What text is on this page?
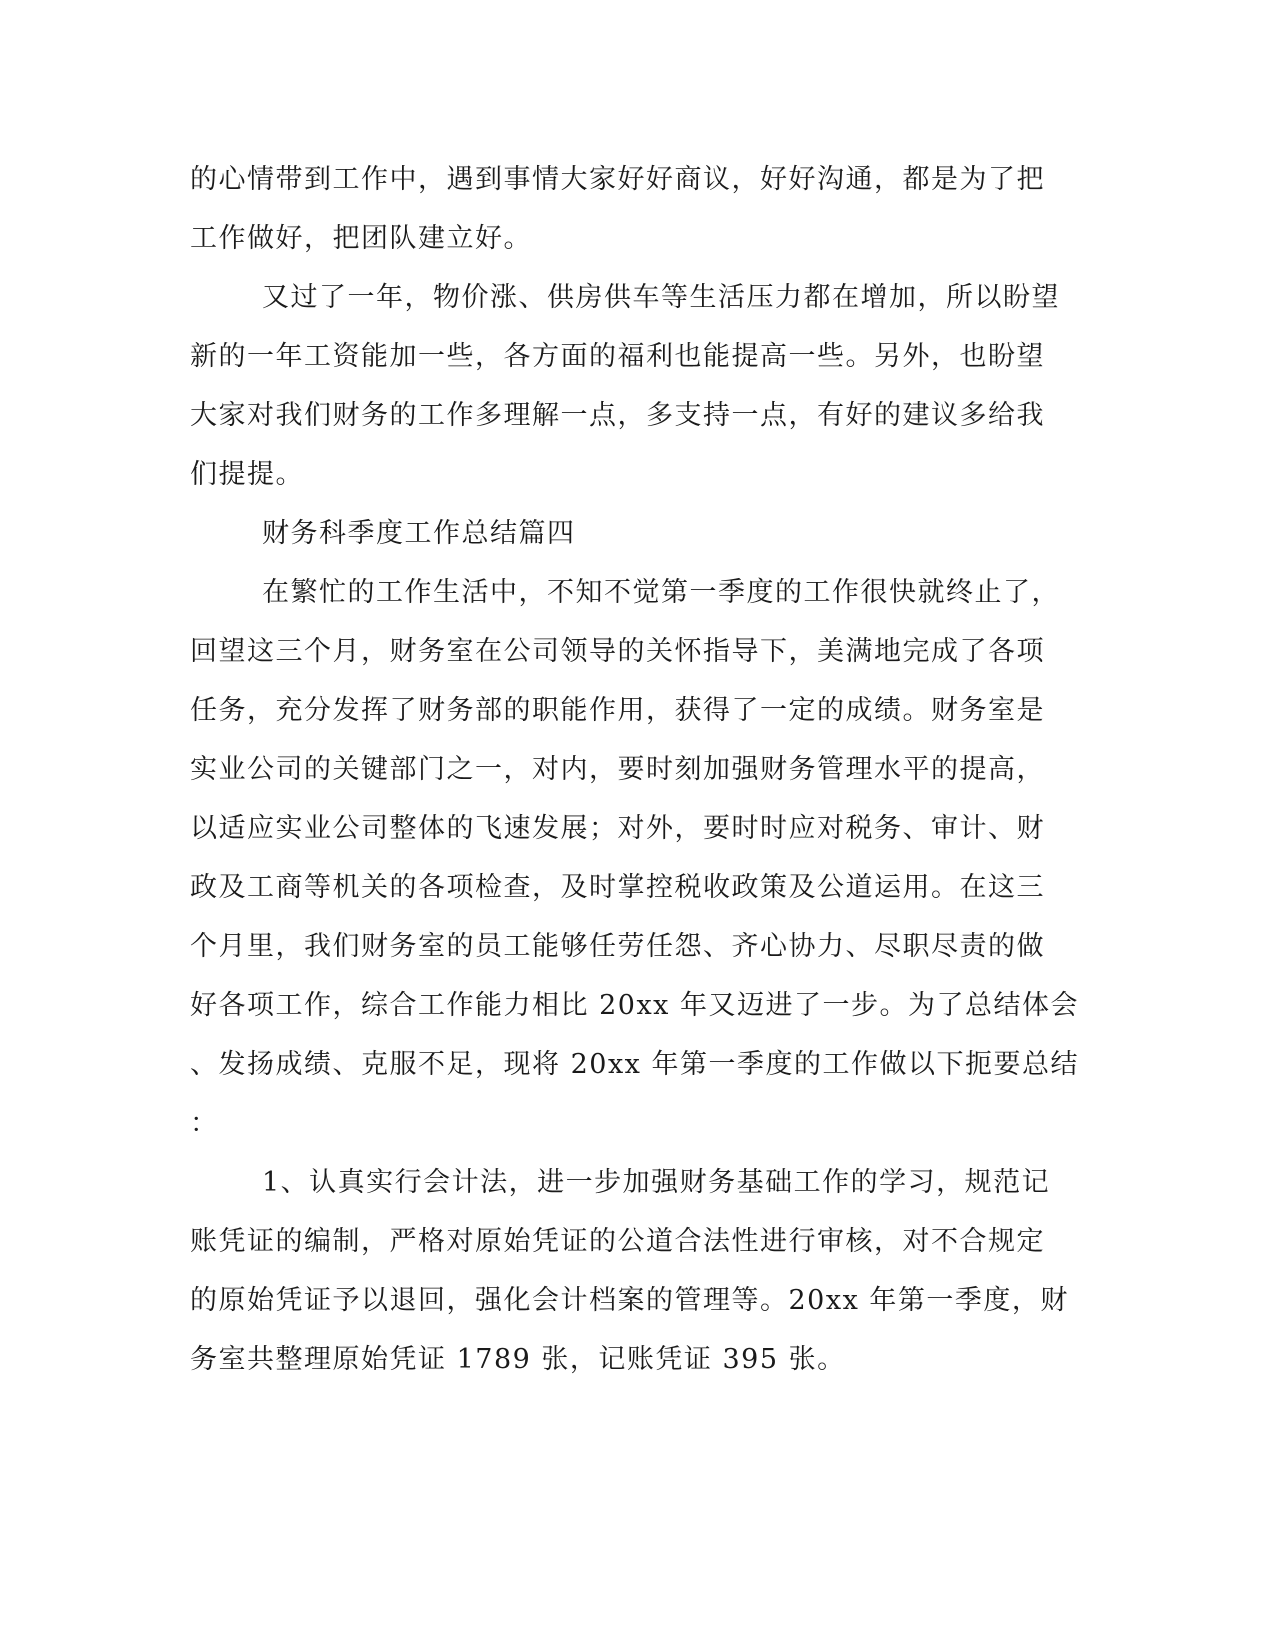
的心情带到工作中，遇到事情大家好好商议，好好沟通，都是为了把
工作做好，把团队建立好。
又过了一年，物价涨、供房供车等生活压力都在增加，所以盼望
新的一年工资能加一些，各方面的福利也能提高一些。另外，也盼望
大家对我们财务的工作多理解一点，多支持一点，有好的建议多给我
们提提。
财务科季度工作总结篇四
在繁忙的工作生活中，不知不觉第一季度的工作很快就终止了，
回望这三个月，财务室在公司领导的关怀指导下，美满地完成了各项
任务，充分发挥了财务部的职能作用，获得了一定的成绩。财务室是
实业公司的关键部门之一，对内，要时刻加强财务管理水平的提高，
以适应实业公司整体的飞速发展；对外，要时时应对税务、审计、财
政及工商等机关的各项检查，及时掌控税收政策及公道运用。在这三
个月里，我们财务室的员工能够任劳任怨、齐心协力、尽职尽责的做
好各项工作，综合工作能力相比 20xx 年又迈进了一步。为了总结体会
、发扬成绩、克服不足，现将 20xx 年第一季度的工作做以下扼要总结
：
1、认真实行会计法，进一步加强财务基础工作的学习，规范记
账凭证的编制，严格对原始凭证的公道合法性进行审核，对不合规定
的原始凭证予以退回，强化会计档案的管理等。20xx 年第一季度，财
务室共整理原始凭证 1789 张，记账凭证 395 张。
